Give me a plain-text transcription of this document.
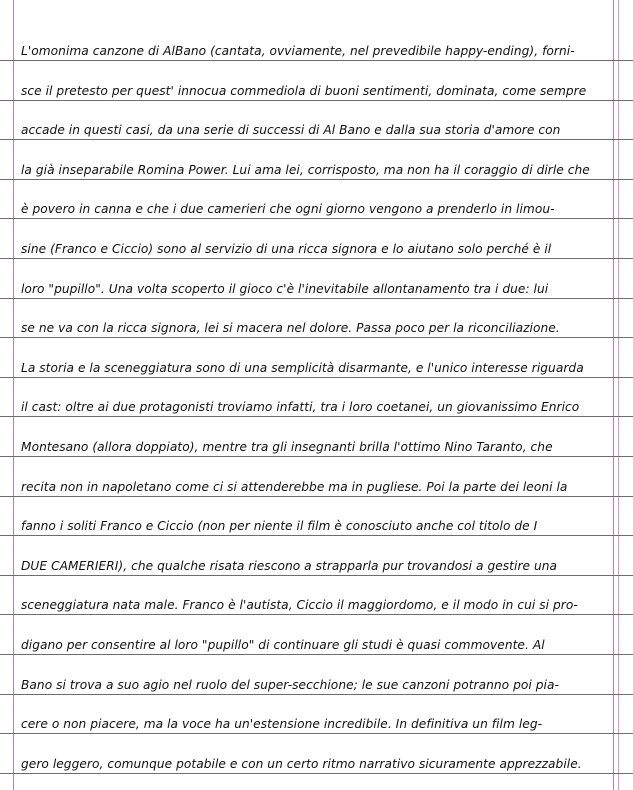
L'omonima canzone di AlBano (cantata, ovviamente, nel prevedibile happy-ending), forni-
sce il pretesto per quest' innocua commediola di buoni sentimenti, dominata, come sempre
accade in questi casi, da una serie di successi di Al Bano e dalla sua storia d'amore con
la già inseparabile Romina Power. Lui ama lei, corrisposto, ma non ha il coraggio di dirle che
è povero in canna e che i due camerieri che ogni giorno vengono a prenderlo in limou-
sine (Franco e Ciccio) sono al servizio di una ricca signora e lo aiutano solo perché è il
loro "pupillo". Una volta scoperto il gioco c'è l'inevitabile allontanamento tra i due: lui
se ne va con la ricca signora, lei si macera nel dolore. Passa poco per la riconciliazione.
La storia e la sceneggiatura sono di una semplicità disarmante, e l'unico interesse riguarda
il cast: oltre ai due protagonisti troviamo infatti, tra i loro coetanei, un giovanissimo Enrico
Montesano (allora doppiato), mentre tra gli insegnanti brilla l'ottimo Nino Taranto, che
recita non in napoletano come ci si attenderebbe ma in pugliese. Poi la parte dei leoni la
fanno i soliti Franco e Ciccio (non per niente il film è conosciuto anche col titolo de I
DUE CAMERIERI), che qualche risata riescono a strapparla pur trovandosi a gestire una
sceneggiatura nata male. Franco è l'autista, Ciccio il maggiordomo, e il modo in cui si pro-
digano per consentire al loro "pupillo" di continuare gli studi è quasi commovente. Al
Bano si trova a suo agio nel ruolo del super-secchione; le sue canzoni potranno poi pia-
cere o non piacere, ma la voce ha un'estensione incredibile. In definitiva un film leg-
gero leggero, comunque potabile e con un certo ritmo narrativo sicuramente apprezzabile.
